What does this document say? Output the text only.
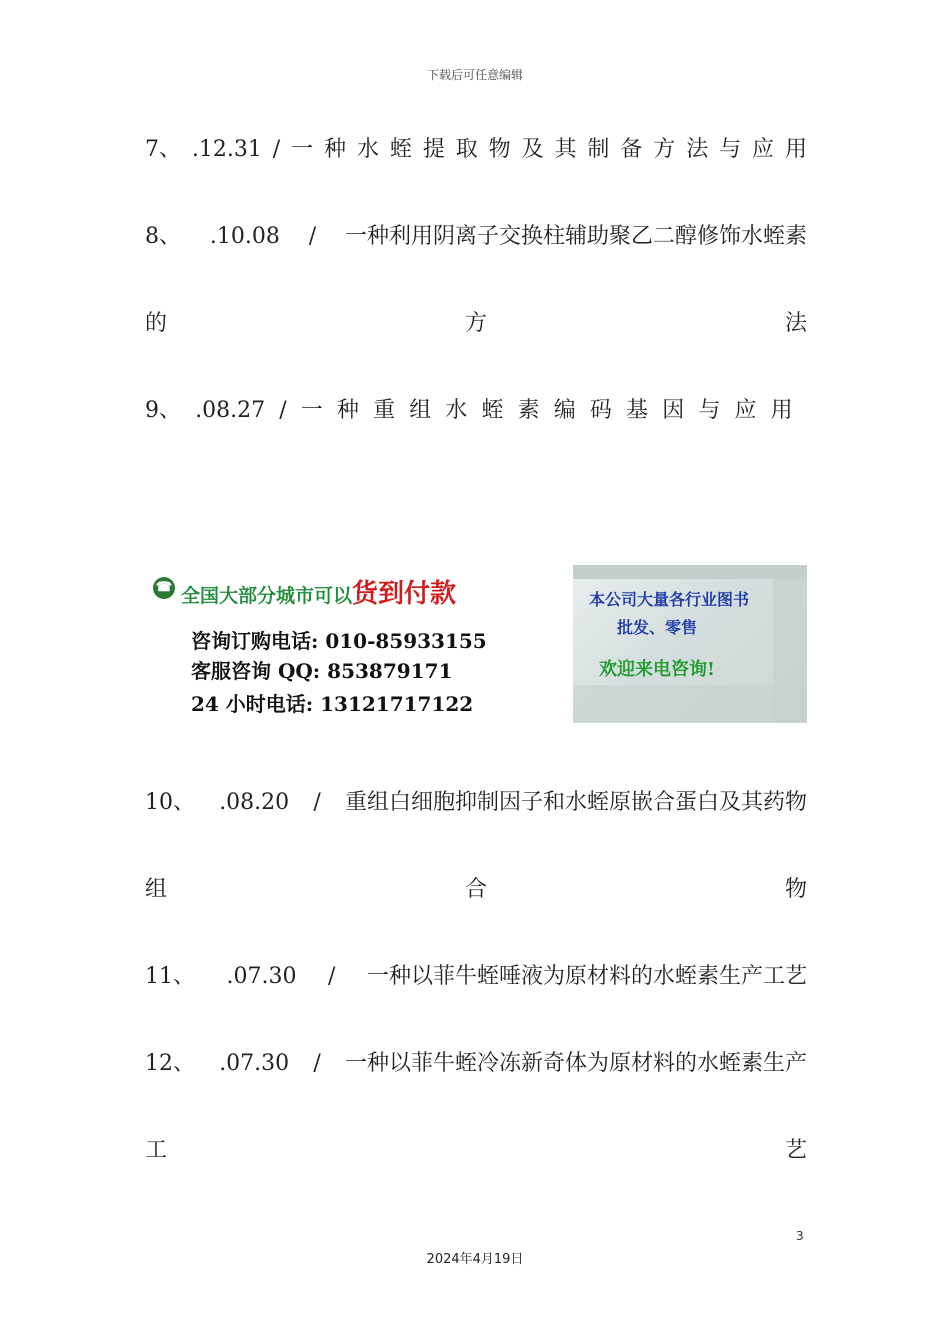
下载后可任意编辑
7、 .12.31 / 一 种 水 蛭 提 取 物 及 其 制 备 方 法 与 应 用
8、 .10.08 / 一种利用阴离子交换柱辅助聚乙二醇修饰水蛭素
的	方	法
9、 .08.27 / 一 种 重 组 水 蛭 素 编 码 基 因 与 应 用
☎ 全国大部分城市可以货到付款
咨询订购电话: 010-85933155
客服咨询 QQ: 853879171
24 小时电话: 13121717122
本公司大量各行业图书
批发、零售
欢迎来电咨询!
10、 .08.20 / 重组白细胞抑制因子和水蛭原嵌合蛋白及其药物
组	合	物
11、 .07.30 / 一种以菲牛蛭唾液为原材料的水蛭素生产工艺
12、 .07.30 / 一种以菲牛蛭冷冻新奇体为原材料的水蛭素生产
工	艺
3
2024年4月19日
